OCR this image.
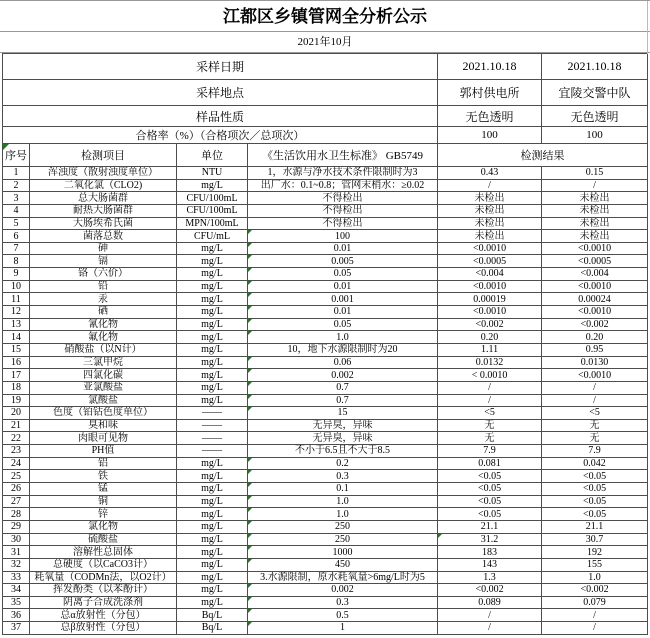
江都区乡镇管网全分析公示
2021年10月
采样日期				2021.10.18	2021.10.18
采样地点				郭村供电所	宜陵交警中队
样品性质				无色透明	无色透明
合格率（%）（合格项次／总项次）				100	100

序号	检测项目	单位	《生活饮用水卫生标准》 GB5749	检测结果	
1	浑浊度（散射浊度单位）	NTU	1，水源与净水技术条件限制时为3	0.43	0.15
2	二氧化氯（CLO2)	mg/L	出厂水：0.1~0.8；管网末梢水：≥0.02	/	/
3	总大肠菌群	CFU/100mL	不得检出	未检出	未检出
4	耐热大肠菌群	CFU/100mL	不得检出	未检出	未检出
5	大肠埃希氏菌	MPN/100mL	不得检出	未检出	未检出
6	菌落总数	CFU/mL	100	未检出	未检出
7	砷	mg/L	0.01	<0.0010	<0.0010
8	镉	mg/L	0.005	<0.0005	<0.0005
9	铬（六价）	mg/L	0.05	<0.004	<0.004
10	铅	mg/L	0.01	<0.0010	<0.0010
11	汞	mg/L	0.001	0.00019	0.00024
12	硒	mg/L	0.01	<0.0010	<0.0010
13	氰化物	mg/L	0.05	<0.002	<0.002
14	氟化物	mg/L	1.0	0.20	0.20
15	硝酸盐（以N计）	mg/L	10，地下水源限制时为20	1.11	0.95
16	三氯甲烷	mg/L	0.06	0.0132	0.0130
17	四氯化碳	mg/L	0.002	< 0.0010	<0.0010
18	亚氯酸盐	mg/L	0.7	/	/
19	氯酸盐	mg/L	0.7	/	/
20	色度（铂钴色度单位）	——	15	<5	<5
21	臭和味	——	无异臭，异味	无	无
22	肉眼可见物	——	无异臭，异味	无	无
23	PH值	——	不小于6.5且不大于8.5	7.9	7.9
24	铝	mg/L	0.2	0.081	0.042
25	铁	mg/L	0.3	<0.05	<0.05
26	锰	mg/L	0.1	<0.05	<0.05
27	铜	mg/L	1.0	<0.05	<0.05
28	锌	mg/L	1.0	<0.05	<0.05
29	氯化物	mg/L	250	21.1	21.1
30	硫酸盐	mg/L	250	31.2	30.7
31	溶解性总固体	mg/L	1000	183	192
32	总硬度（以CaCO3计）	mg/L	450	143	155
33	耗氧量（CODMn法，以O2计）	mg/L	3.水源限制，原水耗氧量>6mg/L时为5	1.3	1.0
34	挥发酚类（以苯酚计）	mg/L	0.002	<0.002	<0.002
35	阴离子合成洗涤剂	mg/L	0.3	0.089	0.079
36	总α放射性（分包）	Bq/L	0.5	/	/
37	总β放射性（分包）	Bq/L	1	/	/
